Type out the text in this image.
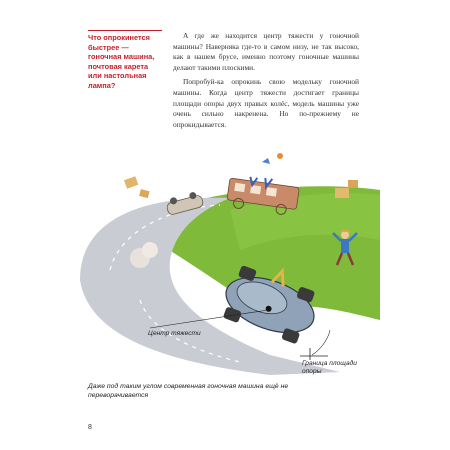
Что опрокинется быстрее — гоночная машина, почтовая карета или настольная лампа?

А где же находится центр тяжести у гоночной машины? Наверняка где-то в самом низу, не так высоко, как в нашем брусе, именно поэтому гоночные машины делают такими плоскими.

Попробуй-ка опрокинь свою модельку гоночной машины. Когда центр тяжести достигает границы площади опоры двух правых колёс, модель машины уже очень сильно накренена. Но по-прежнему не опрокидывается.

Центр тяжести
Граница площади опоры
Даже под таким углом современная гоночная машина ещё не переворачивается
8
